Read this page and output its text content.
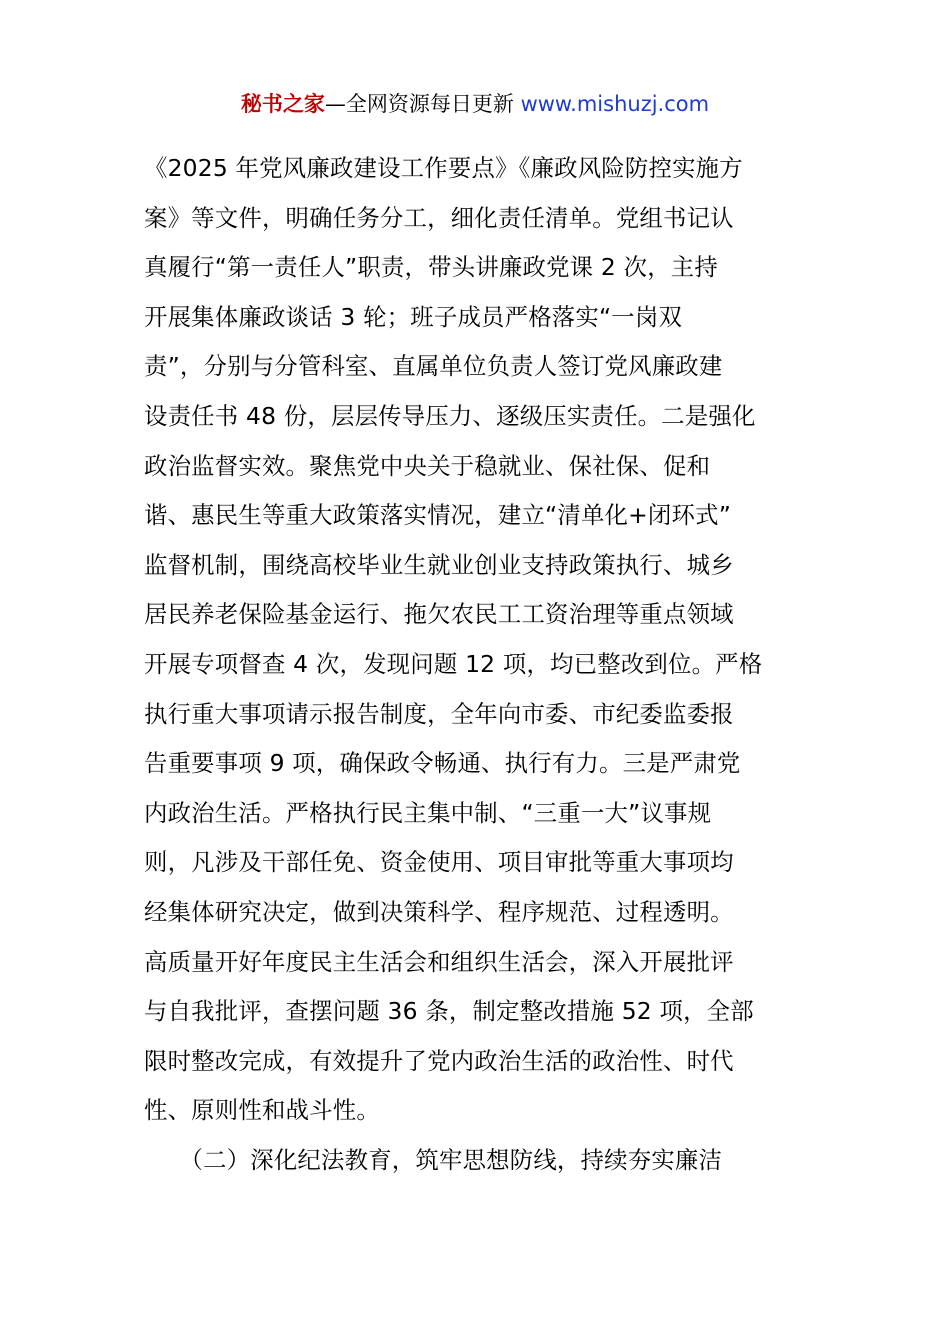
秘书之家—全网资源每日更新 www.mishuzj.com
《2025 年党风廉政建设工作要点》《廉政风险防控实施方
案》等文件，明确任务分工，细化责任清单。党组书记认
真履行“第一责任人”职责，带头讲廉政党课 2 次，主持
开展集体廉政谈话 3 轮；班子成员严格落实“一岗双
责”，分别与分管科室、直属单位负责人签订党风廉政建
设责任书 48 份，层层传导压力、逐级压实责任。二是强化
政治监督实效。聚焦党中央关于稳就业、保社保、促和
谐、惠民生等重大政策落实情况，建立“清单化+闭环式”
监督机制，围绕高校毕业生就业创业支持政策执行、城乡
居民养老保险基金运行、拖欠农民工工资治理等重点领域
开展专项督查 4 次，发现问题 12 项，均已整改到位。严格
执行重大事项请示报告制度，全年向市委、市纪委监委报
告重要事项 9 项，确保政令畅通、执行有力。三是严肃党
内政治生活。严格执行民主集中制、“三重一大”议事规
则，凡涉及干部任免、资金使用、项目审批等重大事项均
经集体研究决定，做到决策科学、程序规范、过程透明。
高质量开好年度民主生活会和组织生活会，深入开展批评
与自我批评，查摆问题 36 条，制定整改措施 52 项，全部
限时整改完成，有效提升了党内政治生活的政治性、时代
性、原则性和战斗性。
　　（二）深化纪法教育，筑牢思想防线，持续夯实廉洁
